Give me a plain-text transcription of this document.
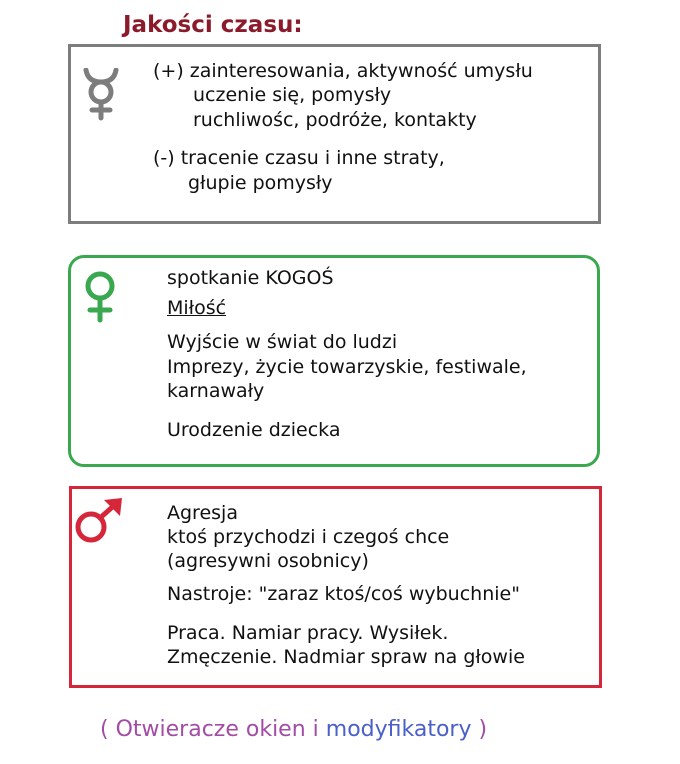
Jakości czasu:
(+) zainteresowania, aktywność umysłu
uczenie się, pomysły
ruchliwośc, podróże, kontakty
(-) tracenie czasu i inne straty,
głupie pomysły
spotkanie KOGOŚ
Miłość
Wyjście w świat do ludzi
Imprezy, życie towarzyskie, festiwale,
karnawały
Urodzenie dziecka
Agresja
ktoś przychodzi i czegoś chce
(agresywni osobnicy)
Nastroje: "zaraz ktoś/coś wybuchnie"
Praca. Namiar pracy. Wysiłek.
Zmęczenie. Nadmiar spraw na głowie
( Otwieracze okien i modyfikatory )
